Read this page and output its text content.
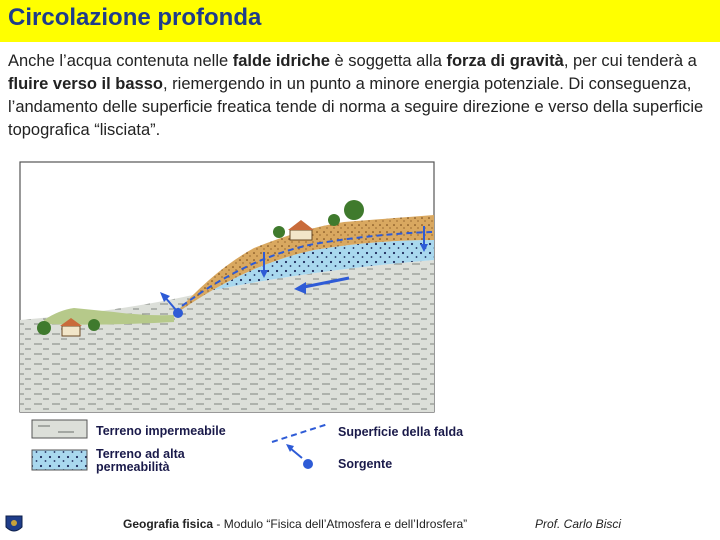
Circolazione profonda
Anche l’acqua contenuta nelle falde idriche è soggetta alla forza di gravità, per cui tenderà a fluire verso il basso, riemergendo in un punto a minore energia potenziale. Di conseguenza, l’andamento delle superficie freatica tende di norma a seguire direzione e verso della superficie topografica “lisciata”.
Terreno impermeabile
Terreno ad alta
permeabilità
Superficie della falda
Sorgente
Geografia fisica - Modulo “Fisica dell’Atmosfera e dell’Idrosfera”	Prof. Carlo Bisci
